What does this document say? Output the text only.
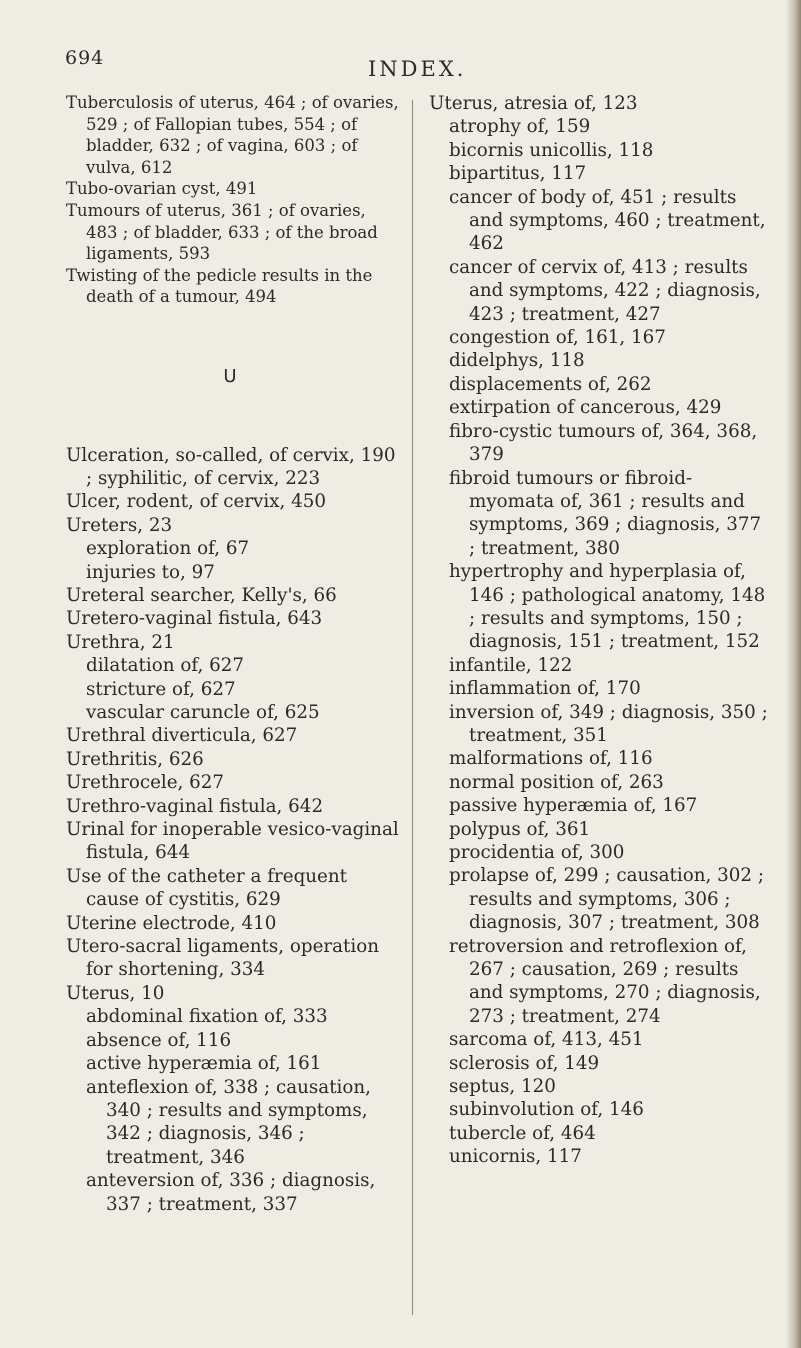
694	INDEX.

Tuberculosis of uterus, 464 ; of ovaries, 529 ; of Fallopian tubes, 554 ; of bladder, 632 ; of vagina, 603 ; of vulva, 612

Tubo-ovarian cyst, 491

Tumours of uterus, 361 ; of ovaries, 483 ; of bladder, 633 ; of the broad ligaments, 593

Twisting of the pedicle results in the death of a tumour, 494

U

Ulceration, so-called, of cervix, 190 ; syphilitic, of cervix, 223

Ulcer, rodent, of cervix, 450

Ureters, 23

exploration of, 67

injuries to, 97

Ureteral searcher, Kelly's, 66

Uretero-vaginal fistula, 643

Urethra, 21

dilatation of, 627

stricture of, 627

vascular caruncle of, 625

Urethral diverticula, 627

Urethritis, 626

Urethrocele, 627

Urethro-vaginal fistula, 642

Urinal for inoperable vesico-vaginal fistula, 644

Use of the catheter a frequent cause of cystitis, 629

Uterine electrode, 410

Utero-sacral ligaments, operation for shortening, 334

Uterus, 10

abdominal fixation of, 333

absence of, 116

active hyperæmia of, 161

anteflexion of, 338 ; causation, 340 ; results and symptoms, 342 ; diagnosis, 346 ; treatment, 346

anteversion of, 336 ; diagnosis, 337 ; treatment, 337

Uterus, atresia of, 123

atrophy of, 159

bicornis unicollis, 118

bipartitus, 117

cancer of body of, 451 ; results and symptoms, 460 ; treatment, 462

cancer of cervix of, 413 ; results and symptoms, 422 ; diagnosis, 423 ; treatment, 427

congestion of, 161, 167

didelphys, 118

displacements of, 262

extirpation of cancerous, 429

fibro-cystic tumours of, 364, 368, 379

fibroid tumours or fibroid-myomata of, 361 ; results and symptoms, 369 ; diagnosis, 377 ; treatment, 380

hypertrophy and hyperplasia of, 146 ; pathological anatomy, 148 ; results and symptoms, 150 ; diagnosis, 151 ; treatment, 152

infantile, 122

inflammation of, 170

inversion of, 349 ; diagnosis, 350 ; treatment, 351

malformations of, 116

normal position of, 263

passive hyperæmia of, 167

polypus of, 361

procidentia of, 300

prolapse of, 299 ; causation, 302 ; results and symptoms, 306 ; diagnosis, 307 ; treatment, 308

retroversion and retroflexion of, 267 ; causation, 269 ; results and symptoms, 270 ; diagnosis, 273 ; treatment, 274

sarcoma of, 413, 451

sclerosis of, 149

septus, 120

subinvolution of, 146

tubercle of, 464

unicornis, 117
